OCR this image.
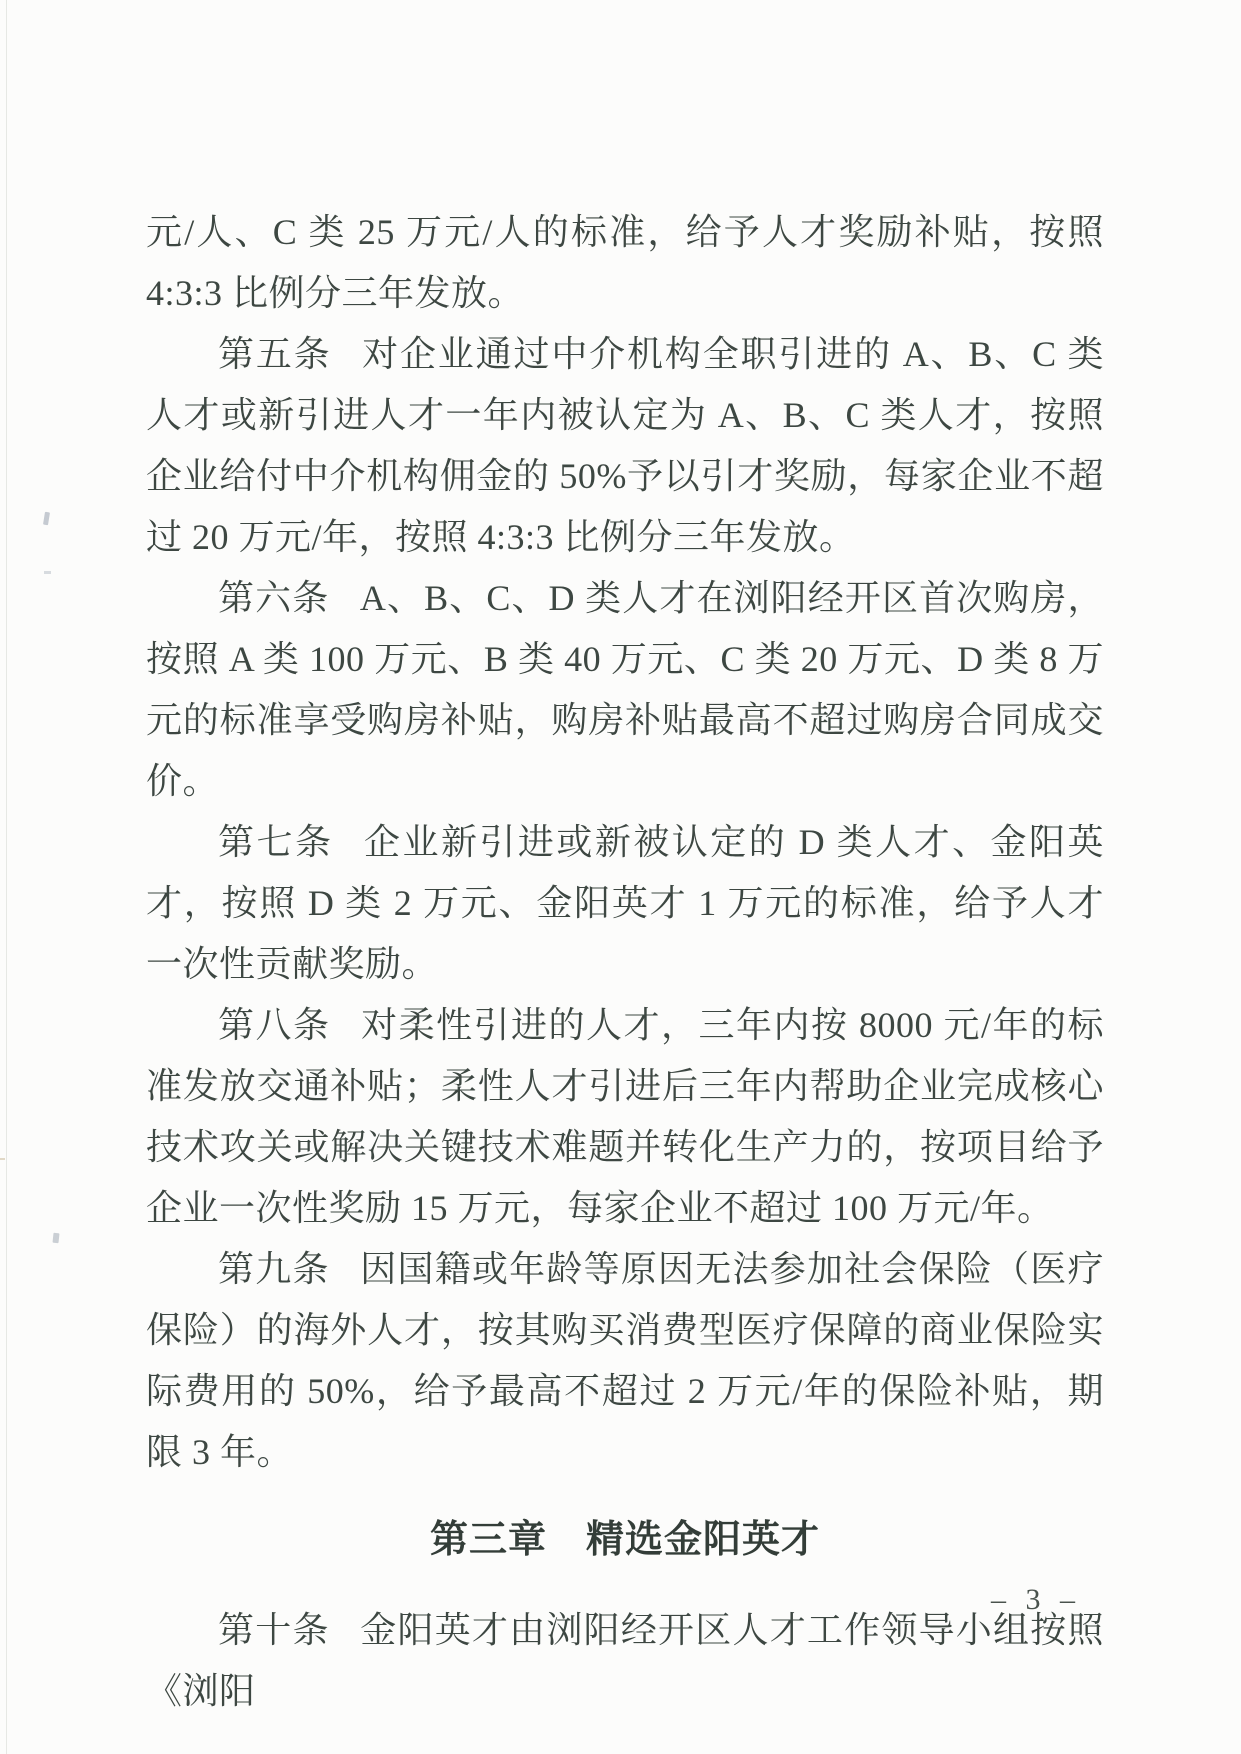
元/人、C 类 25 万元/人的标准，给予人才奖励补贴，按照 4:3:3 比例分三年发放。

第五条 对企业通过中介机构全职引进的 A、B、C 类人才或新引进人才一年内被认定为 A、B、C 类人才，按照企业给付中介机构佣金的 50%予以引才奖励，每家企业不超过 20 万元/年，按照 4:3:3 比例分三年发放。

第六条 A、B、C、D 类人才在浏阳经开区首次购房，按照 A 类 100 万元、B 类 40 万元、C 类 20 万元、D 类 8 万元的标准享受购房补贴，购房补贴最高不超过购房合同成交价。

第七条 企业新引进或新被认定的 D 类人才、金阳英才，按照 D 类 2 万元、金阳英才 1 万元的标准，给予人才一次性贡献奖励。

第八条 对柔性引进的人才，三年内按 8000 元/年的标准发放交通补贴；柔性人才引进后三年内帮助企业完成核心技术攻关或解决关键技术难题并转化生产力的，按项目给予企业一次性奖励 15 万元，每家企业不超过 100 万元/年。

第九条 因国籍或年龄等原因无法参加社会保险（医疗保险）的海外人才，按其购买消费型医疗保障的商业保险实际费用的 50%，给予最高不超过 2 万元/年的保险补贴，期限 3 年。

第三章　精选金阳英才

第十条 金阳英才由浏阳经开区人才工作领导小组按照《浏阳

– 3 –
